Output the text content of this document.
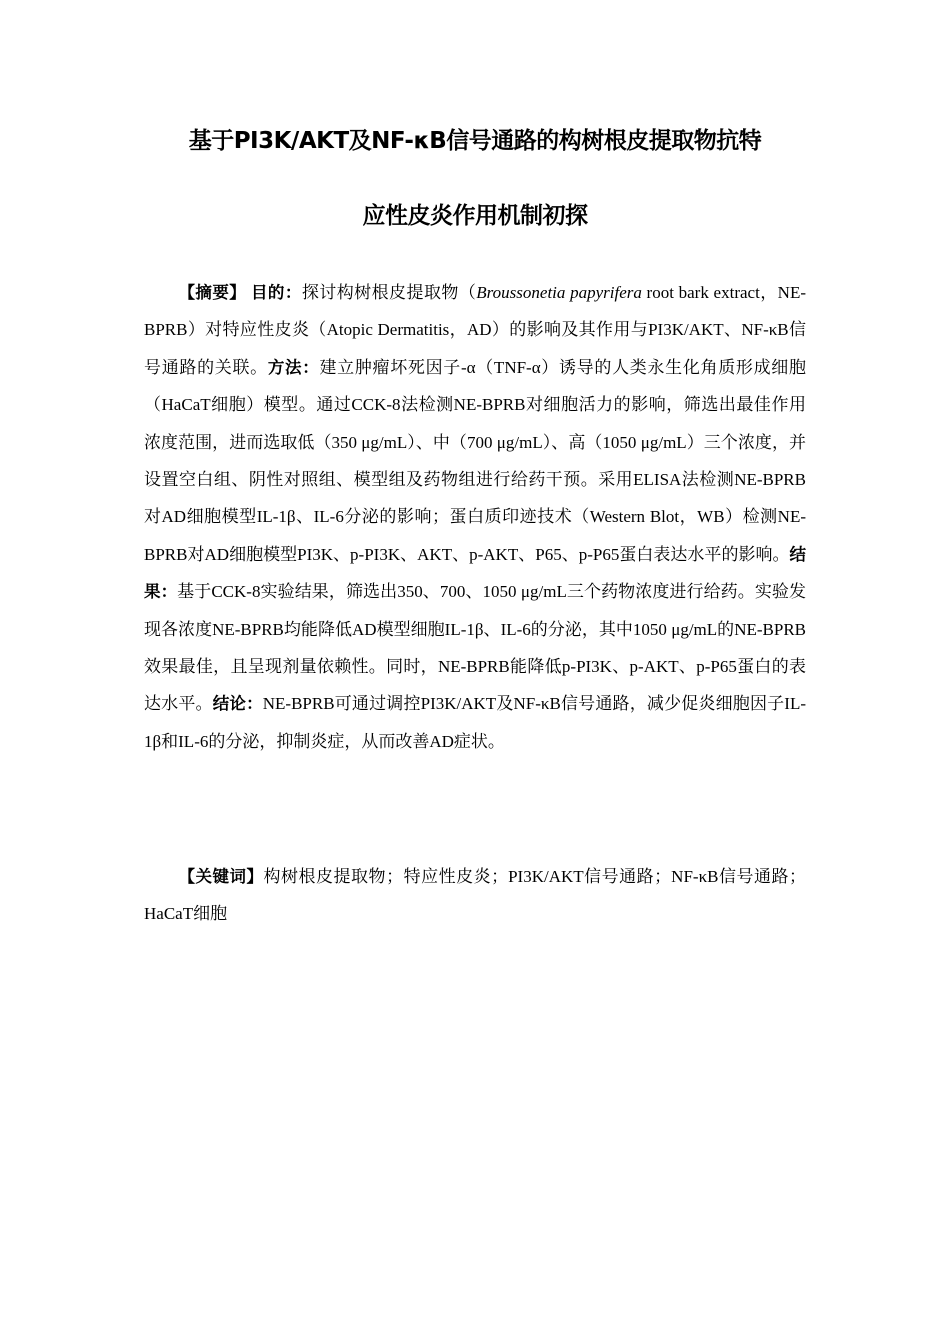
基于PI3K/AKT及NF-κB信号通路的构树根皮提取物抗特
应性皮炎作用机制初探
【摘要】 目的：探讨构树根皮提取物（Broussonetia papyrifera root bark extract，NE-BPRB）对特应性皮炎（Atopic Dermatitis，AD）的影响及其作用与PI3K/AKT、NF-κB信号通路的关联。方法：建立肿瘤坏死因子-α（TNF-α）诱导的人类永生化角质形成细胞（HaCaT细胞）模型。通过CCK-8法检测NE-BPRB对细胞活力的影响，筛选出最佳作用浓度范围，进而选取低（350 μg/mL）、中（700 μg/mL）、高（1050 μg/mL）三个浓度，并设置空白组、阴性对照组、模型组及药物组进行给药干预。采用ELISA法检测NE-BPRB对AD细胞模型IL-1β、IL-6分泌的影响；蛋白质印迹技术（Western Blot，WB）检测NE-BPRB对AD细胞模型PI3K、p-PI3K、AKT、p-AKT、P65、p-P65蛋白表达水平的影响。结果：基于CCK-8实验结果，筛选出350、700、1050 μg/mL三个药物浓度进行给药。实验发现各浓度NE-BPRB均能降低AD模型细胞IL-1β、IL-6的分泌，其中1050 μg/mL的NE-BPRB效果最佳，且呈现剂量依赖性。同时，NE-BPRB能降低p-PI3K、p-AKT、p-P65蛋白的表达水平。结论：NE-BPRB可通过调控PI3K/AKT及NF-κB信号通路，减少促炎细胞因子IL-1β和IL-6的分泌，抑制炎症，从而改善AD症状。
【关键词】构树根皮提取物；特应性皮炎；PI3K/AKT信号通路；NF-κB信号通路；HaCaT细胞
